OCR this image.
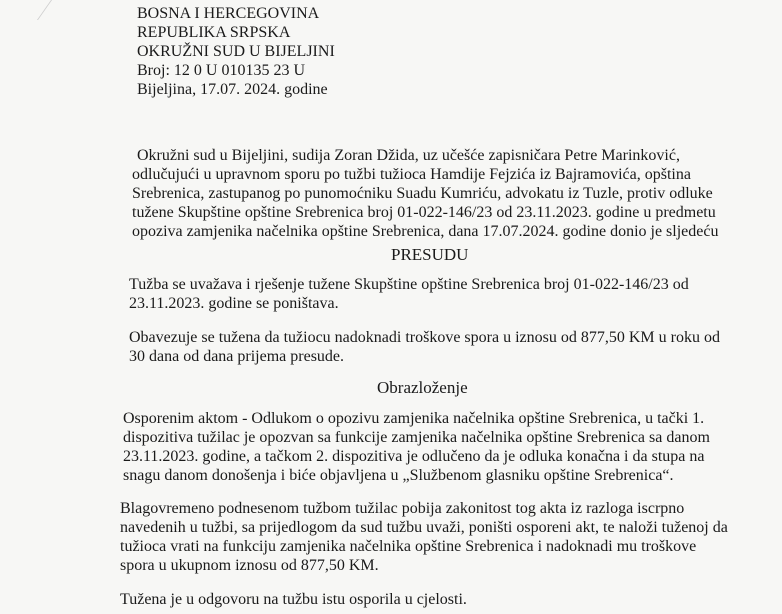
BOSNA I HERCEGOVINA
REPUBLIKA SRPSKA
OKRUŽNI SUD U BIJELJINI
Broj: 12 0 U 010135 23 U
Bijeljina, 17.07. 2024. godine
Okružni sud u Bijeljini, sudija Zoran Džida, uz učešće zapisničara Petre Marinković,
odlučujući u upravnom sporu po tužbi tužioca Hamdije Fejzića iz Bajramovića, opština
Srebrenica, zastupanog po punomoćniku Suadu Kumriću, advokatu iz Tuzle, protiv odluke
tužene Skupštine opštine Srebrenica broj 01-022-146/23 od 23.11.2023. godine u predmetu
opoziva zamjenika načelnika opštine Srebrenica, dana 17.07.2024. godine donio je sljedeću
PRESUDU
Tužba se uvažava i rješenje tužene Skupštine opštine Srebrenica broj 01-022-146/23 od
23.11.2023. godine se poništava.
Obavezuje se tužena da tužiocu nadoknadi troškove spora u iznosu od 877,50 KM u roku od
30 dana od dana prijema presude.
Obrazloženje
Osporenim aktom - Odlukom o opozivu zamjenika načelnika opštine Srebrenica, u tački 1.
dispozitiva tužilac je opozvan sa funkcije zamjenika načelnika opštine Srebrenica sa danom
23.11.2023. godine, a tačkom 2. dispozitiva je odlučeno da je odluka konačna i da stupa na
snagu danom donošenja i biće objavljena u „Službenom glasniku opštine Srebrenica“.
Blagovremeno podnesenom tužbom tužilac pobija zakonitost tog akta iz razloga iscrpno
navedenih u tužbi, sa prijedlogom da sud tužbu uvaži, poništi osporeni akt, te naloži tuženoj da
tužioca vrati na funkciju zamjenika načelnika opštine Srebrenica i nadoknadi mu troškove
spora u ukupnom iznosu od 877,50 KM.
Tužena je u odgovoru na tužbu istu osporila u cjelosti.
